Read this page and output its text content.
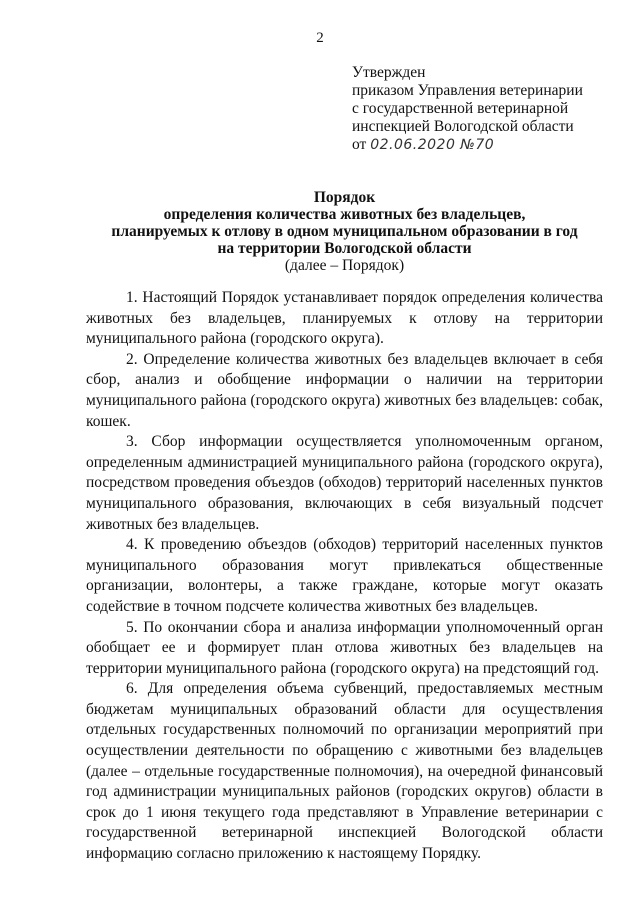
2
Утвержден
приказом Управления ветеринарии
с государственной ветеринарной
инспекцией Вологодской области
от 02.06.2020 №70
Порядок
определения количества животных без владельцев,
планируемых к отлову в одном муниципальном образовании в год
на территории Вологодской области
(далее – Порядок)

1. Настоящий Порядок устанавливает порядок определения количества животных без владельцев, планируемых к отлову на территории муниципального района (городского округа).

2. Определение количества животных без владельцев включает в себя сбор, анализ и обобщение информации о наличии на территории муниципального района (городского округа) животных без владельцев: собак, кошек.

3. Сбор информации осуществляется уполномоченным органом, определенным администрацией муниципального района (городского округа), посредством проведения объездов (обходов) территорий населенных пунктов муниципального образования, включающих в себя визуальный подсчет животных без владельцев.

4. К проведению объездов (обходов) территорий населенных пунктов муниципального образования могут привлекаться общественные организации, волонтеры, а также граждане, которые могут оказать содействие в точном подсчете количества животных без владельцев.

5. По окончании сбора и анализа информации уполномоченный орган обобщает ее и формирует план отлова животных без владельцев на территории муниципального района (городского округа) на предстоящий год.

6. Для определения объема субвенций, предоставляемых местным бюджетам муниципальных образований области для осуществления отдельных государственных полномочий по организации мероприятий при осуществлении деятельности по обращению с животными без владельцев (далее – отдельные государственные полномочия), на очередной финансовый год администрации муниципальных районов (городских округов) области в срок до 1 июня текущего года представляют в Управление ветеринарии с государственной ветеринарной инспекцией Вологодской области информацию согласно приложению к настоящему Порядку.
